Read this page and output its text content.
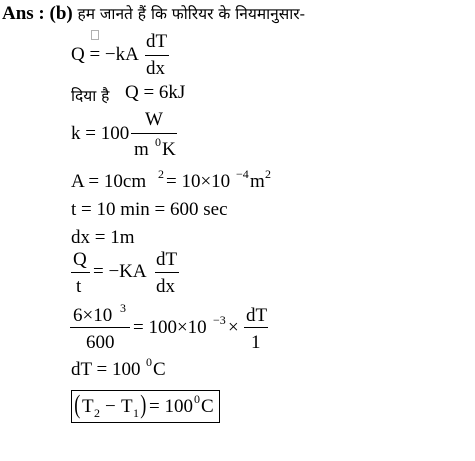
Ans : (b) हम जानते हैं कि फोरियर के नियमानुसार-
Q = −kA
dT
dx
दिया है Q = 6kJ
k = 100
W
m 0 K
A = 10cm 2 = 10×10 −4 m 2
t = 10 min = 600 sec
dx = 1m
Q
t
= −KA
dT
dx
6×10 3
600
= 100×10 −3 ×
dT
1
dT = 100 0 C
( T 2 − T 1 ) = 100 0 C
